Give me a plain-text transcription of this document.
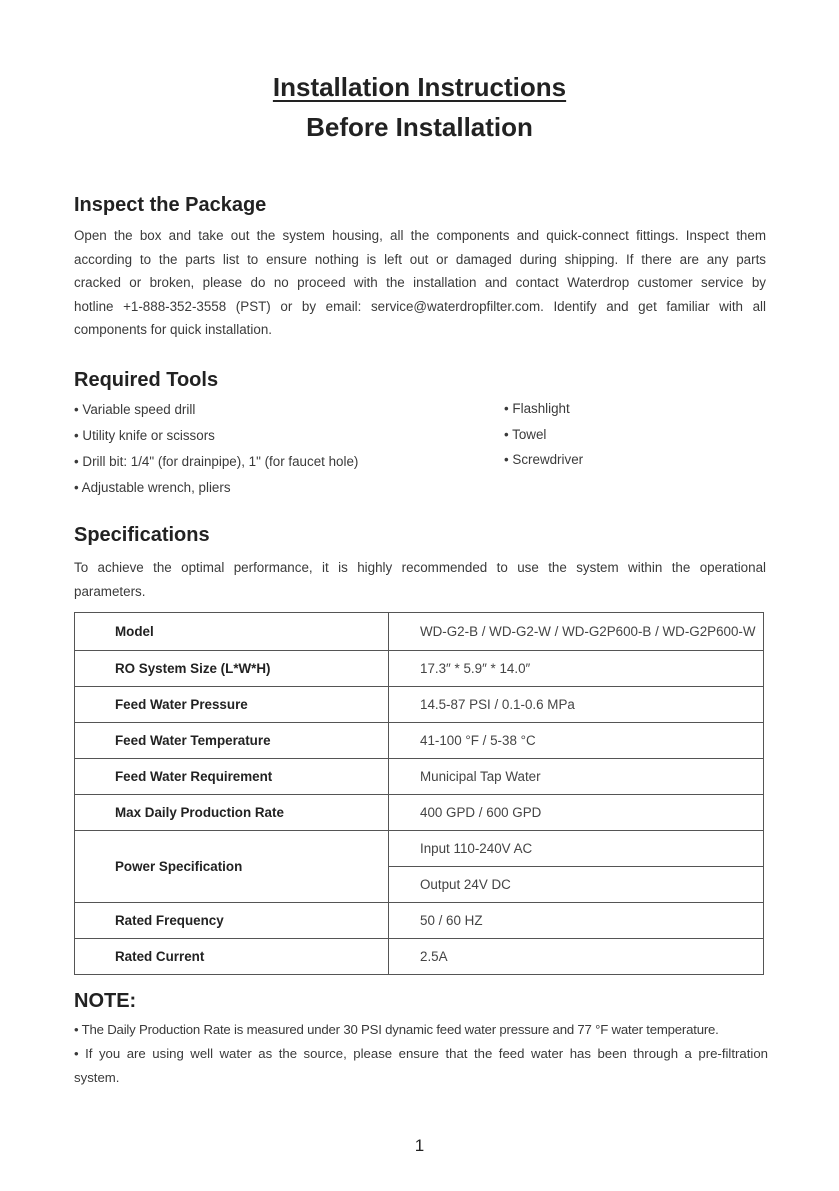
Installation Instructions
Before Installation
Inspect the Package
Open the box and take out the system housing, all the components and quick-connect fittings. Inspect them
according to the parts list to ensure nothing is left out or damaged during shipping. If there are any parts
cracked or broken, please do no proceed with the installation and contact Waterdrop customer service by
hotline +1-888-352-3558 (PST) or by email: service@waterdropfilter.com. Identify and get familiar with all
components for quick installation.
Required Tools
• Variable speed drill
• Utility knife or scissors
• Drill bit: 1/4" (for drainpipe), 1" (for faucet hole)
• Adjustable wrench, pliers
• Flashlight
• Towel
• Screwdriver
Specifications
To achieve the optimal performance, it is highly recommended to use the system within the operational
parameters.
Model	WD-G2-B / WD-G2-W / WD-G2P600-B / WD-G2P600-W
RO System Size (L*W*H)	17.3″ * 5.9″ * 14.0″
Feed Water Pressure	14.5-87 PSI / 0.1-0.6 MPa
Feed Water Temperature	41-100 °F / 5-38 °C
Feed Water Requirement	Municipal Tap Water
Max Daily Production Rate	400 GPD / 600 GPD
Power Specification	Input 110-240V AC
	Output 24V DC
Rated Frequency	50 / 60 HZ
Rated Current	2.5A
NOTE:
• The Daily Production Rate is measured under 30 PSI dynamic feed water pressure and 77 °F water temperature.
• If you are using well water as the source, please ensure that the feed water has been through a pre-filtration
system.
1
